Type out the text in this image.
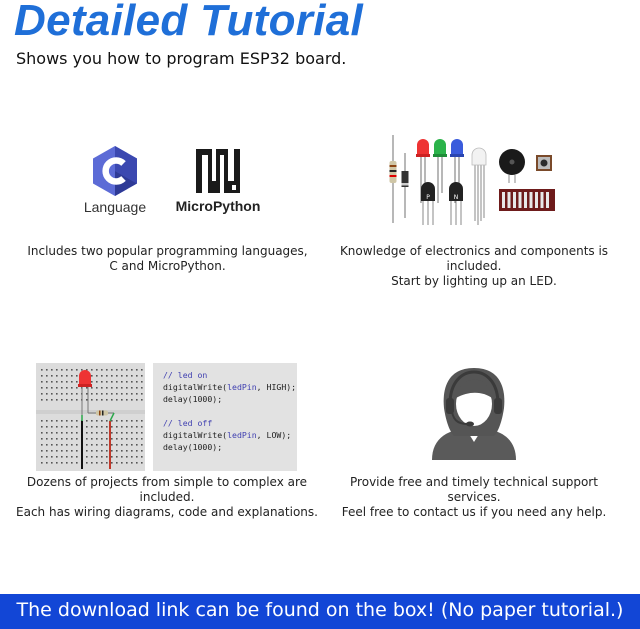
Detailed Tutorial
Shows you how to program ESP32 board.
Language	MicroPython
Includes two popular programming languages,
C and MicroPython.
P	N
Knowledge of electronics and components is included.
Start by lighting up an LED.
// led on
digitalWrite(ledPin, HIGH);
delay(1000);
// led off
digitalWrite(ledPin, LOW);
delay(1000);
Dozens of projects from simple to complex are included.
Each has wiring diagrams, code and explanations.
Provide free and timely technical support services.
Feel free to contact us if you need any help.
The download link can be found on the box! (No paper tutorial.)
